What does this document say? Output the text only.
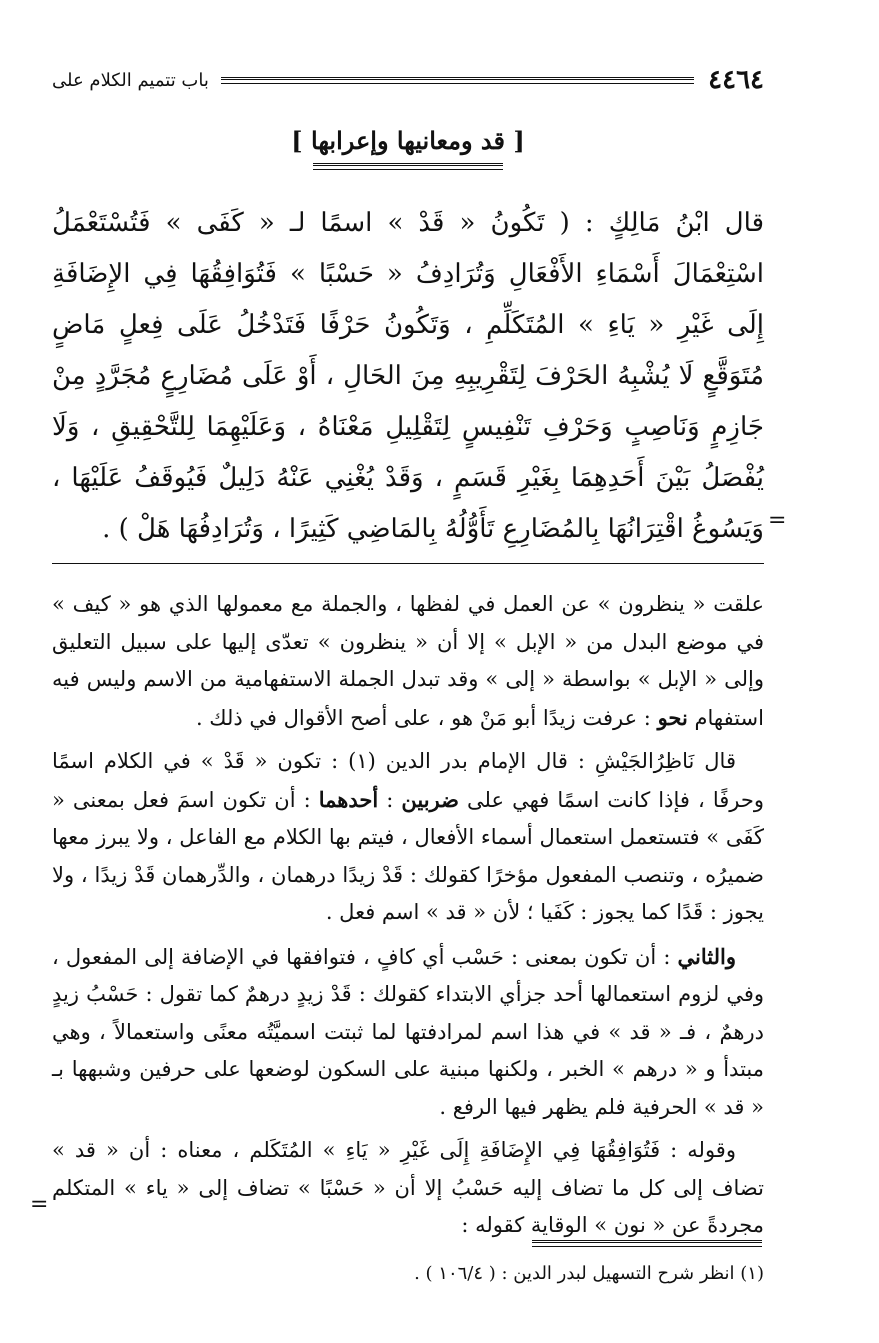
٤٤٦٤
باب تتميم الكلام على
[ قد ومعانيها وإعرابها ]
قال ابْنُ مَالِكٍ : ( تَكُونُ « قَدْ » اسمًا لـ « كَفَى » فَتُسْتَعْمَلُ اسْتِعْمَالَ أَسْمَاءِ الأَفْعَالِ وَتُرَادِفُ « حَسْبًا » فَتُوَافِقُهَا فِي الإِضَافَةِ إِلَى غَيْرِ « يَاءِ » المُتَكَلِّمِ ، وَتَكُونُ حَرْفًا فَتَدْخُلُ عَلَى فِعلٍ مَاضٍ مُتَوَقَّعٍ لَا يُشْبِهُ الحَرْفَ لِتَقْرِيبِهِ مِنَ الحَالِ ، أَوْ عَلَى مُضَارِعٍ مُجَرَّدٍ مِنْ جَازِمٍ وَنَاصِبٍ وَحَرْفِ تَنْفِيسٍ لِتَقْلِيلِ مَعْنَاهُ ، وَعَلَيْهِمَا لِلتَّحْقِيقِ ، وَلَا يُفْصَلُ بَيْنَ أَحَدِهِمَا بِغَيْرِ قَسَمٍ ، وَقَدْ يُغْنِي عَنْهُ دَلِيلٌ فَيُوقَفُ عَلَيْهَا ، وَيَسُوغُ اقْتِرَانُهَا بِالمُضَارِعِ تَأَوُّلُهُ بِالمَاضِي كَثِيرًا ، وَتُرَادِفُهَا هَلْ ) .

علقت « ينظرون » عن العمل في لفظها ، والجملة مع معمولها الذي هو « كيف » في موضع البدل من « الإبل » إلا أن « ينظرون » تعدّى إليها على سبيل التعليق وإلى « الإبل » بواسطة « إلى » وقد تبدل الجملة الاستفهامية من الاسم وليس فيه استفهام نحو : عرفت زيدًا أبو مَنْ هو ، على أصح الأقوال في ذلك .

قال نَاظِرُالجَيْشِ : قال الإمام بدر الدين (١) : تكون « قَدْ » في الكلام اسمًا وحرفًا ، فإذا كانت اسمًا فهي على ضربين : أحدهما : أن تكون اسمَ فعل بمعنى « كَفَى » فتستعمل استعمال أسماء الأفعال ، فيتم بها الكلام مع الفاعل ، ولا يبرز معها ضميرُه ، وتنصب المفعول مؤخرًا كقولك : قَدْ زيدًا درهمان ، والدِّرهمان قَدْ زيدًا ، ولا يجوز : قَدًا كما يجوز : كَفَيا ؛ لأن « قد » اسم فعل .

والثاني : أن تكون بمعنى : حَسْب أي كافٍ ، فتوافقها في الإضافة إلى المفعول ، وفي لزوم استعمالها أحد جزأي الابتداء كقولك : قَدْ زيدٍ درهمٌ كما تقول : حَسْبُ زيدٍ درهمٌ ، فـ « قد » في هذا اسم لمرادفتها لما ثبتت اسميَّتُه معنًى واستعمالاً ، وهي مبتدأ و « درهم » الخبر ، ولكنها مبنية على السكون لوضعها على حرفين وشبهها بـ « قد » الحرفية فلم يظهر فيها الرفع .

وقوله : فَتُوَافِقُهَا فِي الإِضَافَةِ إِلَى غَيْرِ « يَاءِ » المُتَكَلم ، معناه : أن « قد » تضاف إلى كل ما تضاف إليه حَسْبُ إلا أن « حَسْبًا » تضاف إلى « ياء » المتكلم مجردةً عن « نون » الوقاية كقوله :

=
=
(١) انظر شرح التسهيل لبدر الدين : ( ١٠٦/٤ ) .
